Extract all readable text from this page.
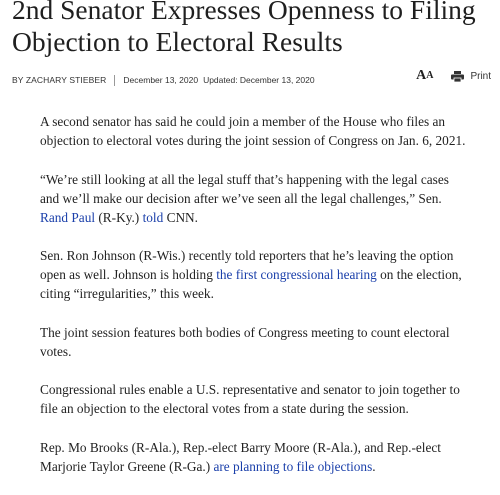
2nd Senator Expresses Openness to Filing Objection to Electoral Results
BY ZACHARY STIEBER December 13, 2020 Updated: December 13, 2020	AA	Print

A second senator has said he could join a member of the House who files an objection to electoral votes during the joint session of Congress on Jan. 6, 2021.

“We’re still looking at all the legal stuff that’s happening with the legal cases and we’ll make our decision after we’ve seen all the legal challenges,” Sen. Rand Paul (R-Ky.) told CNN.

Sen. Ron Johnson (R-Wis.) recently told reporters that he’s leaving the option open as well. Johnson is holding the first congressional hearing on the election, citing “irregularities,” this week.

The joint session features both bodies of Congress meeting to count electoral votes.

Congressional rules enable a U.S. representative and senator to join together to file an objection to the electoral votes from a state during the session.

Rep. Mo Brooks (R-Ala.), Rep.-elect Barry Moore (R-Ala.), and Rep.-elect Marjorie Taylor Greene (R-Ga.) are planning to file objections.
